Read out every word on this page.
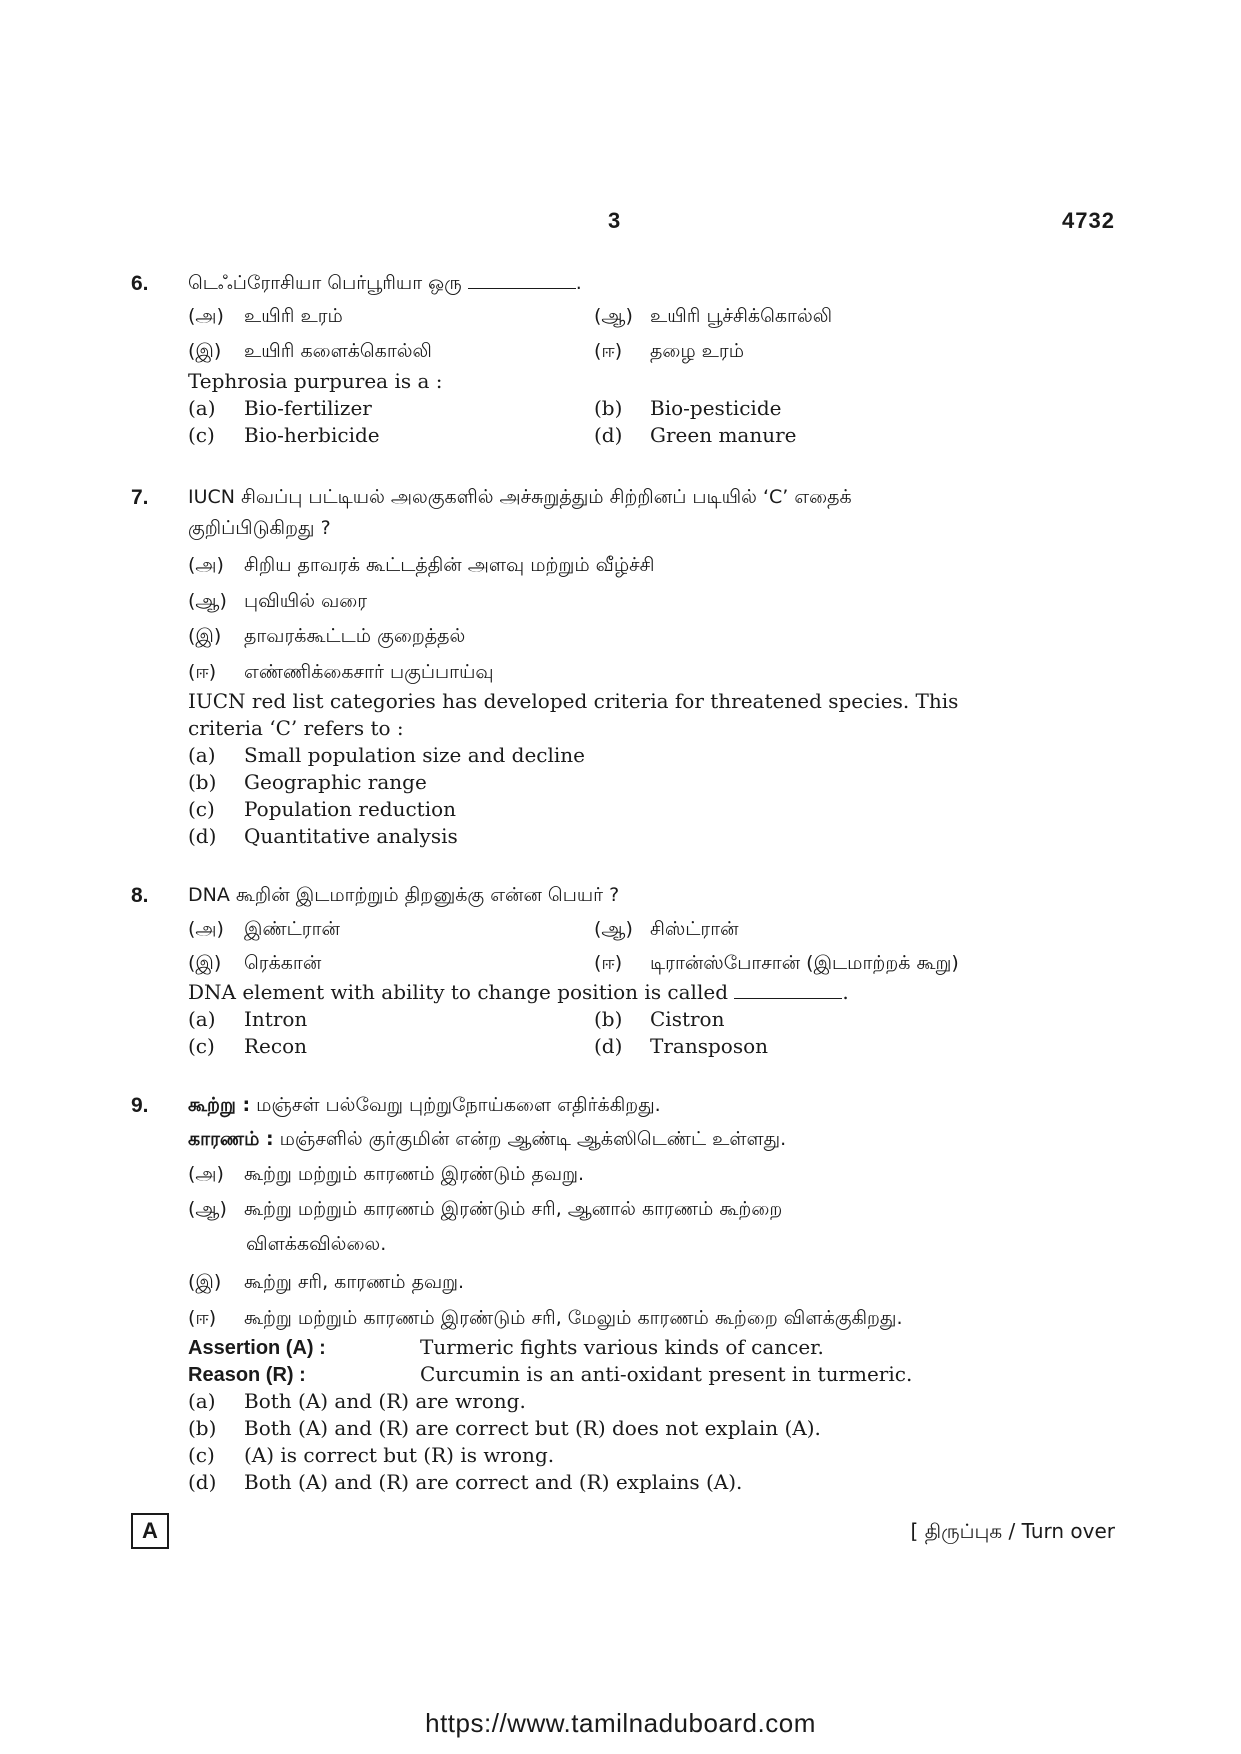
3	4732
6. டெஃப்ரோசியா பெர்பூரியா ஒரு	.
(அ) உயிரி உரம்	(ஆ) உயிரி பூச்சிக்கொல்லி
(இ) உயிரி களைக்கொல்லி	(ஈ) தழை உரம்
Tephrosia purpurea is a :
(a) Bio-fertilizer	(b) Bio-pesticide
(c) Bio-herbicide	(d) Green manure
7. IUCN சிவப்பு பட்டியல் அலகுகளில் அச்சுறுத்தும் சிற்றினப் படியில் ‘C’ எதைக்
குறிப்பிடுகிறது ?
(அ) சிறிய தாவரக் கூட்டத்தின் அளவு மற்றும் வீழ்ச்சி
(ஆ) புவியில் வரை
(இ) தாவரக்கூட்டம் குறைத்தல்
(ஈ) எண்ணிக்கைசார் பகுப்பாய்வு
IUCN red list categories has developed criteria for threatened species. This
criteria ‘C’ refers to :
(a) Small population size and decline
(b) Geographic range
(c) Population reduction
(d) Quantitative analysis
8. DNA கூறின் இடமாற்றும் திறனுக்கு என்ன பெயர் ?
(அ) இண்ட்ரான்	(ஆ) சிஸ்ட்ரான்
(இ) ரெக்கான்	(ஈ) டிரான்ஸ்போசான் (இடமாற்றக் கூறு)
DNA element with ability to change position is called	.
(a) Intron	(b) Cistron
(c) Recon	(d) Transposon
9. கூற்று : மஞ்சள் பல்வேறு புற்றுநோய்களை எதிர்க்கிறது.
காரணம் : மஞ்சளில் குர்குமின் என்ற ஆண்டி ஆக்ஸிடெண்ட் உள்ளது.
(அ) கூற்று மற்றும் காரணம் இரண்டும் தவறு.
(ஆ) கூற்று மற்றும் காரணம் இரண்டும் சரி, ஆனால் காரணம் கூற்றை
விளக்கவில்லை.
(இ) கூற்று சரி, காரணம் தவறு.
(ஈ) கூற்று மற்றும் காரணம் இரண்டும் சரி, மேலும் காரணம் கூற்றை விளக்குகிறது.
Assertion (A) :	Turmeric fights various kinds of cancer.
Reason (R) :	Curcumin is an anti-oxidant present in turmeric.
(a) Both (A) and (R) are wrong.
(b) Both (A) and (R) are correct but (R) does not explain (A).
(c) (A) is correct but (R) is wrong.
(d) Both (A) and (R) are correct and (R) explains (A).
A	[ திருப்புக / Turn over
https://www.tamilnaduboard.com
